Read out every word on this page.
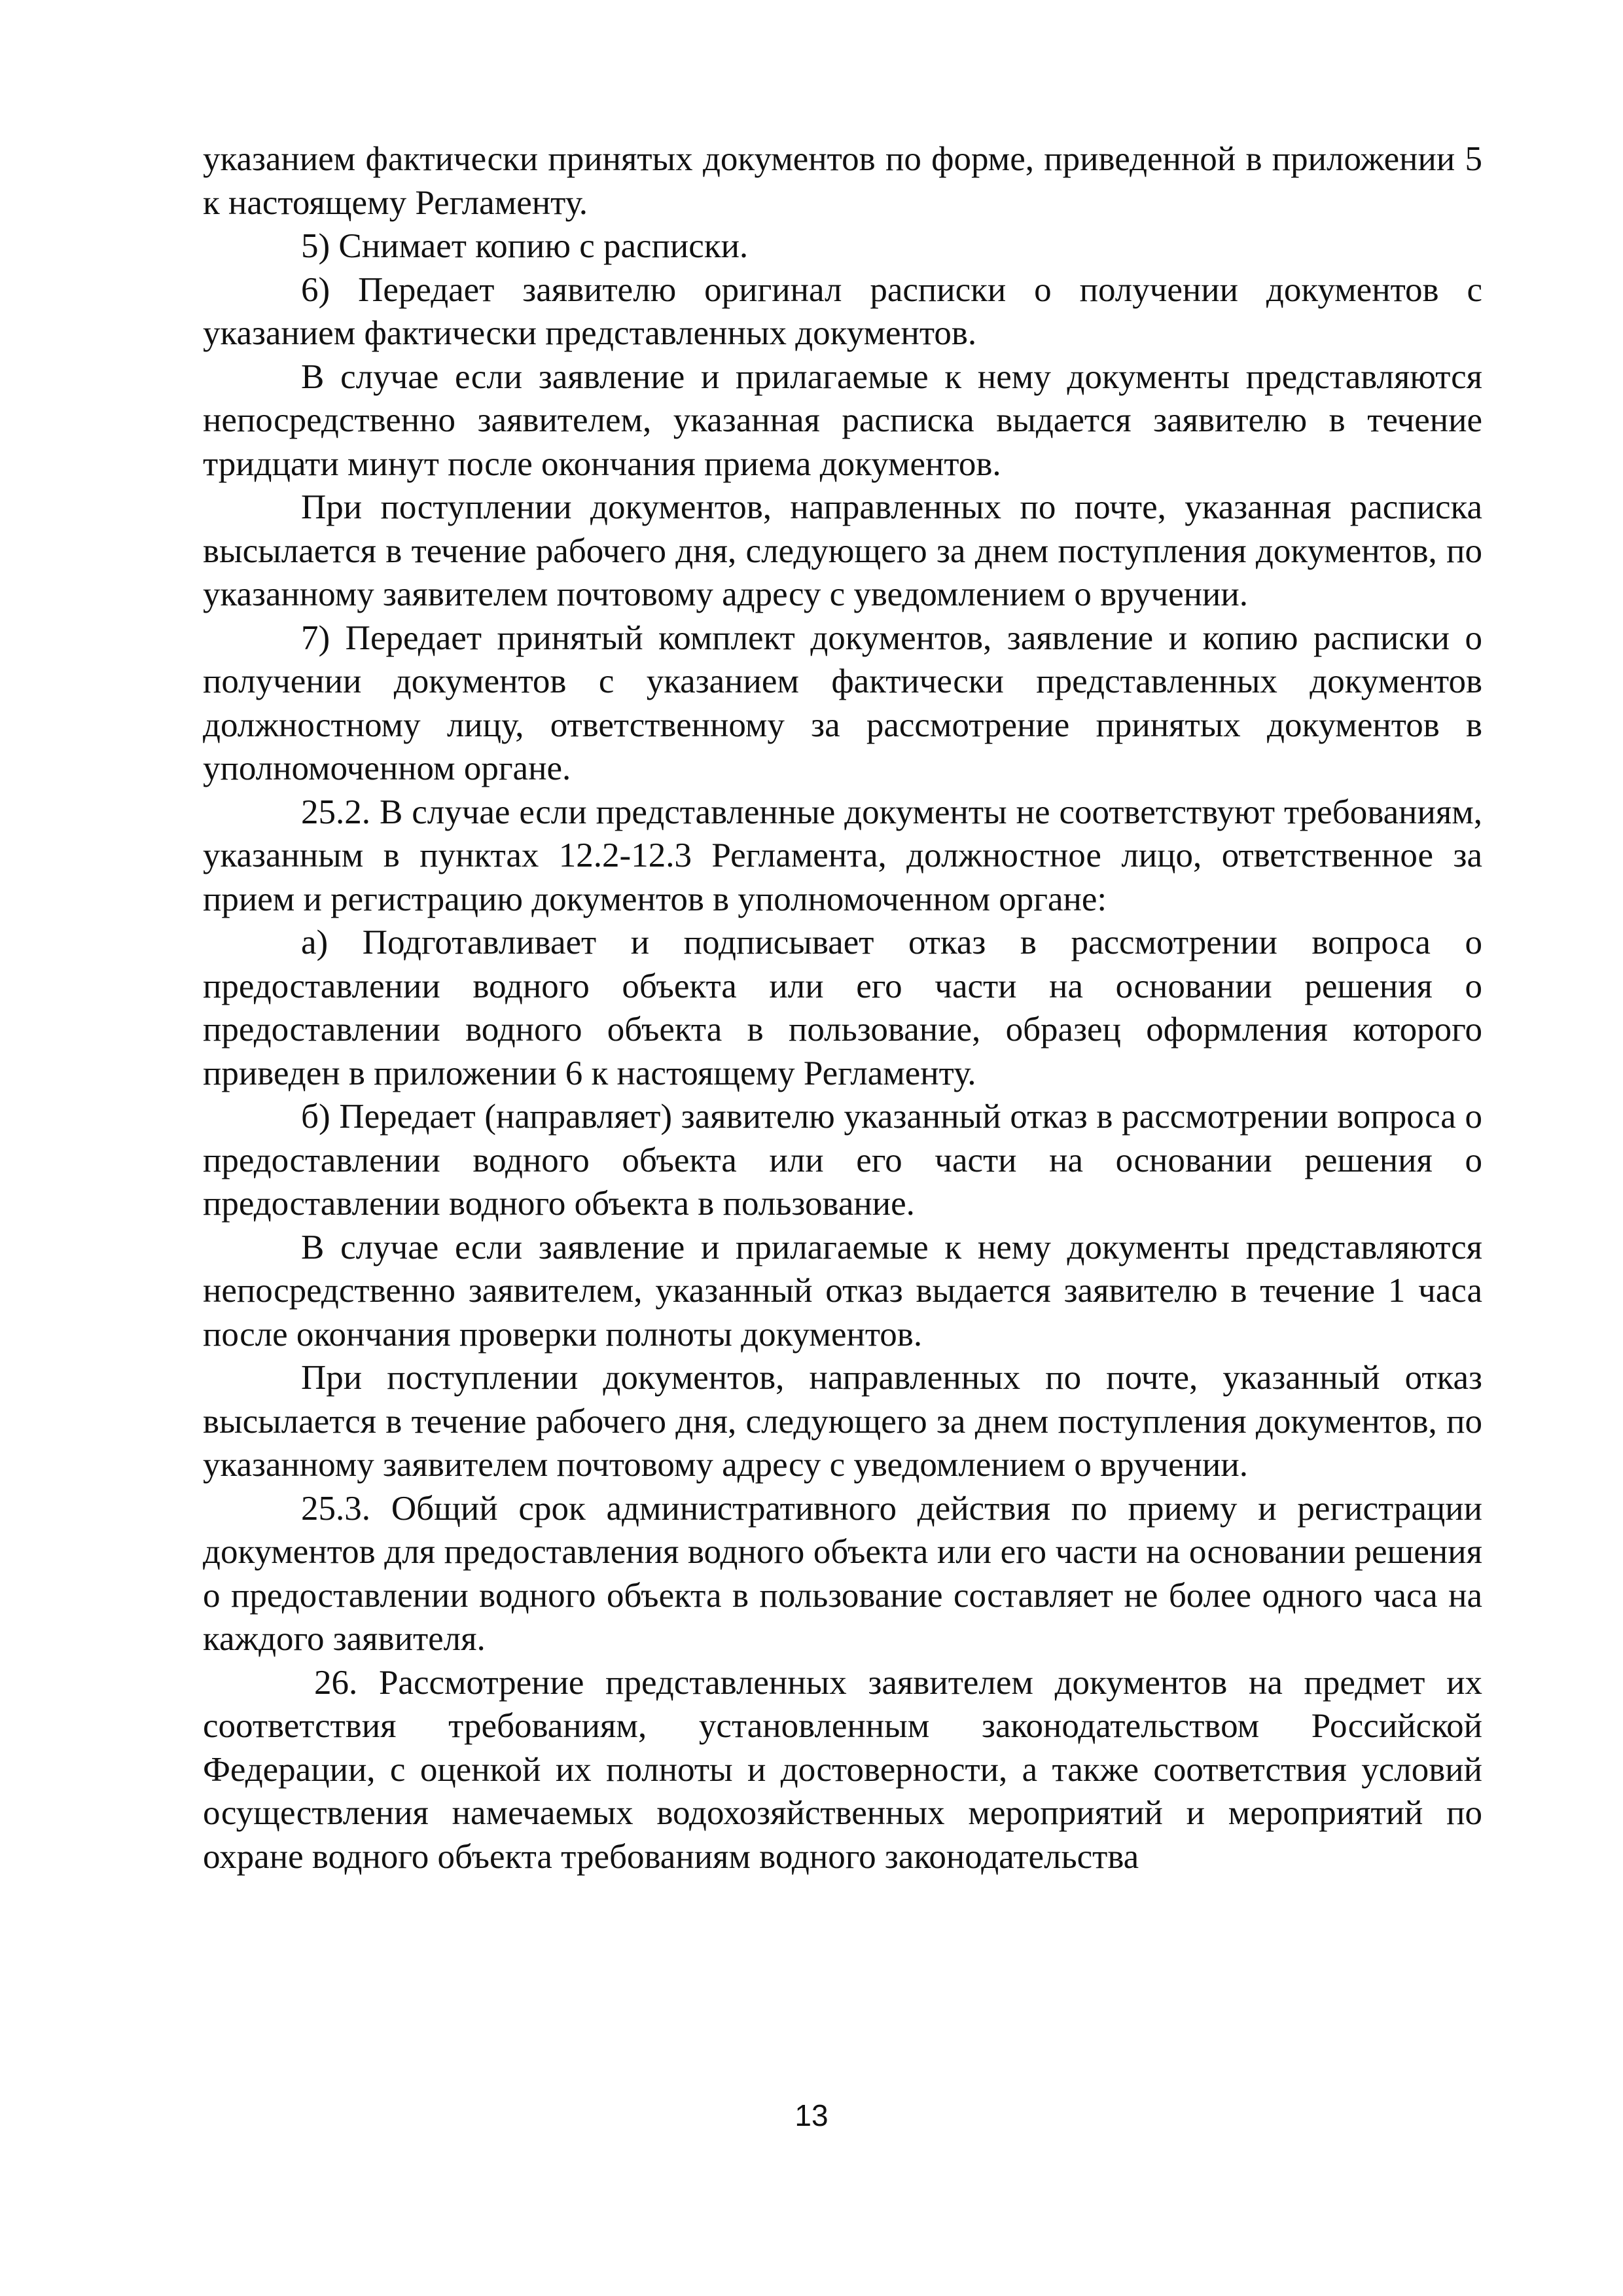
указанием фактически принятых документов по форме, приведенной в приложении 5 к настоящему Регламенту.

5) Снимает копию с расписки.

6) Передает заявителю оригинал расписки о получении документов с указанием фактически представленных документов.

В случае если заявление и прилагаемые к нему документы представляются непосредственно заявителем, указанная расписка выдается заявителю в течение тридцати минут после окончания приема документов.

При поступлении документов, направленных по почте, указанная расписка высылается в течение рабочего дня, следующего за днем поступления документов, по указанному заявителем почтовому адресу с уведомлением о вручении.

7) Передает принятый комплект документов, заявление и копию расписки о получении документов с указанием фактически представленных документов должностному лицу, ответственному за рассмотрение принятых документов в уполномоченном органе.

25.2. В случае если представленные документы не соответствуют требованиям, указанным в пунктах 12.2-12.3 Регламента, должностное лицо, ответственное за прием и регистрацию документов в уполномоченном органе:

а) Подготавливает и подписывает отказ в рассмотрении вопроса о предоставлении водного объекта или его части на основании решения о предоставлении водного объекта в пользование, образец оформления которого приведен в приложении 6 к настоящему Регламенту.

б) Передает (направляет) заявителю указанный отказ в рассмотрении вопроса о предоставлении водного объекта или его части на основании решения о предоставлении водного объекта в пользование.

В случае если заявление и прилагаемые к нему документы представляются непосредственно заявителем, указанный отказ выдается заявителю в течение 1 часа после окончания проверки полноты документов.

При поступлении документов, направленных по почте, указанный отказ высылается в течение рабочего дня, следующего за днем поступления документов, по указанному заявителем почтовому адресу с уведомлением о вручении.

25.3. Общий срок административного действия по приему и регистрации документов для предоставления водного объекта или его части на основании решения о предоставлении водного объекта в пользование составляет не более одного часа на каждого заявителя.

26. Рассмотрение представленных заявителем документов на предмет их соответствия требованиям, установленным законодательством Российской Федерации, с оценкой их полноты и достоверности, а также соответствия условий осуществления намечаемых водохозяйственных мероприятий и мероприятий по охране водного объекта требованиям водного законодательства

13
